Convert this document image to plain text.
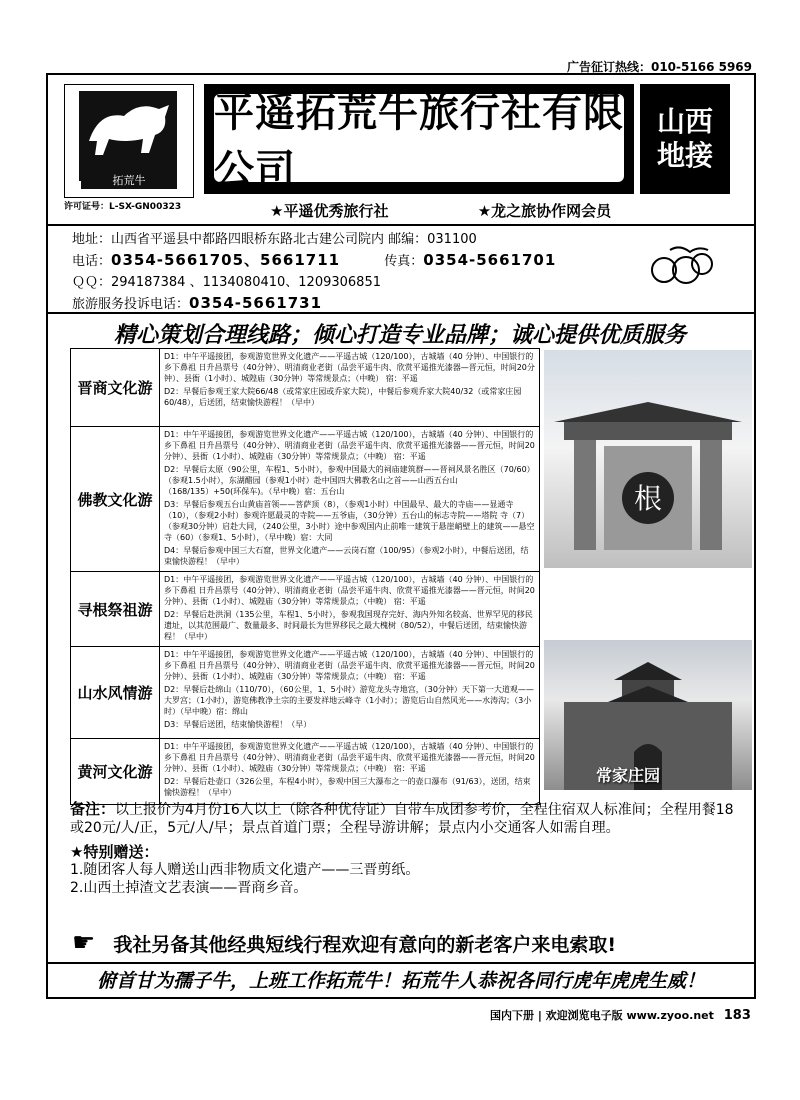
广告征订热线：010-5166 5969
拓荒牛
许可证号：L-SX-GN00323
平遥拓荒牛旅行社有限公司
山西
地接
★平遥优秀旅行社	★龙之旅协作网会员
地址：山西省平遥县中都路四眼桥东路北古建公司院内 邮编：031100
电话：0354-5661705、5661711	传真：0354-5661701
ＱＱ：294187384 、1134080410、1209306851
旅游服务投诉电话：0354-5661731
精心策划合理线路；倾心打造专业品牌；诚心提供优质服务
晋商文化游	D1：中午平遥接团，参观游览世界文化遗产——平遥古城（120/100），古城墙（40 分钟）、中国银行的乡下鼻祖 日升昌票号（40分钟）、明清商业老街（品尝平遥牛肉、欣赏平遥推光漆器—晋元恒，时间20分钟）、县衙（1小时）、城隍庙（30分钟）等常规景点；（中晚） 宿：平遥

D2：早餐后参观王家大院66/48（或常家庄园或乔家大院），中餐后参观乔家大院40/32（或常家庄园60/48），后送团，结束愉快游程！（早中）

佛教文化游	D1：中午平遥接团，参观游览世界文化遗产——平遥古城（120/100），古城墙（40 分钟）、中国银行的乡下鼻祖 日升昌票号（40分钟）、明清商业老街（品尝平遥牛肉、欣赏平遥推光漆器——晋元恒，时间20分钟）、县衙（1小时）、城隍庙（30分钟）等常规景点；（中晚） 宿：平遥

D2：早餐后太原（90公里，车程1、5小时），参观中国最大的祠庙建筑群——晋祠风景名胜区（70/60）（参观1.5小时），东湖醋园（参观1小时）赴中国四大佛教名山之首——山西五台山（168/135）+50(环保车)。（早中晚）宿：五台山

D3：早餐后参观五台山黄庙首领——菩萨顶（8），（参观1小时）中国最早、最大的寺庙——显通寺（10），（参观2小时）参观许愿最灵的寺院——五爷庙，（30分钟）五台山的标志寺院——塔院 寺（7）（参观30分钟）启赴大同，（240公里，3小时）途中参观国内止前唯一建筑于悬崖峭壁上的建筑——悬空寺（60）（参观1、5小时），（早中晚）宿：大同

D4：早餐后参观中国三大石窟，世界文化遗产——云岗石窟（100/95）（参观2小时），中餐后送团，结束愉快游程！（早中）

寻根祭祖游	D1：中午平遥接团，参观游览世界文化遗产——平遥古城（120/100），古城墙（40 分钟）、中国银行的乡下鼻祖 日升昌票号（40分钟）、明清商业老街（品尝平遥牛肉、欣赏平遥推光漆器——晋元恒，时间20分钟）、县衙（1小时）、城隍庙（30分钟）等常规景点；（中晚） 宿：平遥

D2：早餐后赴洪洞（135公里，车程1、5小时），参观我国现存完好、海内外知名较高、世界罕见的移民遗址，以其范围最广、数量最多、时间最长为世界移民之最大槐树（80/52），中餐后送团，结束愉快游程！（早中）

山水风情游	D1：中午平遥接团，参观游览世界文化遗产——平遥古城（120/100），古城墙（40 分钟）、中国银行的乡下鼻祖 日升昌票号（40分钟）、明清商业老街（品尝平遥牛肉、欣赏平遥推光漆器——晋元恒，时间20分钟）、县衙（1小时）、城隍庙（30分钟）等常规景点；（中晚） 宿：平遥

D2：早餐后赴绵山（110/70），（60公里，1、5小时）游览龙头寺地宫，（30分钟）天下第一大道观——大罗宫；（1小时），游览佛教净土宗的主要发祥地云峰寺（1小时）；游览后山自然风光——水涛沟；（3小时）（早中晚）宿：绵山

D3：早餐后送团，结束愉快游程！（早）

黄河文化游	D1：中午平遥接团，参观游览世界文化遗产——平遥古城（120/100），古城墙（40 分钟）、中国银行的乡下鼻祖 日升昌票号（40分钟）、明清商业老街（品尝平遥牛肉、欣赏平遥推光漆器——晋元恒，时间20分钟）、县衙（1小时）、城隍庙（30分钟）等常规景点；（中晚） 宿：平遥

D2：早餐后赴壶口（326公里，车程4小时），参观中国三大瀑布之一的壶口瀑布（91/63），送团，结束愉快游程！（早中）

根
常家庄园
备注：以上报价为4月份16人以上（除各种优待证）自带车成团参考价，全程住宿双人标准间；全程用餐18或20元/人/正，5元/人/早；景点首道门票；全程导游讲解；景点内小交通客人如需自理。
★特别赠送：
1.随团客人每人赠送山西非物质文化遗产——三晋剪纸。
2.山西土掉渣文艺表演——晋商乡音。
☛ 我社另备其他经典短线行程欢迎有意向的新老客户来电索取!
俯首甘为孺子牛，上班工作拓荒牛！拓荒牛人恭祝各同行虎年虎虎生威！
国内下册 | 欢迎浏览电子版 www.zyoo.net 183
